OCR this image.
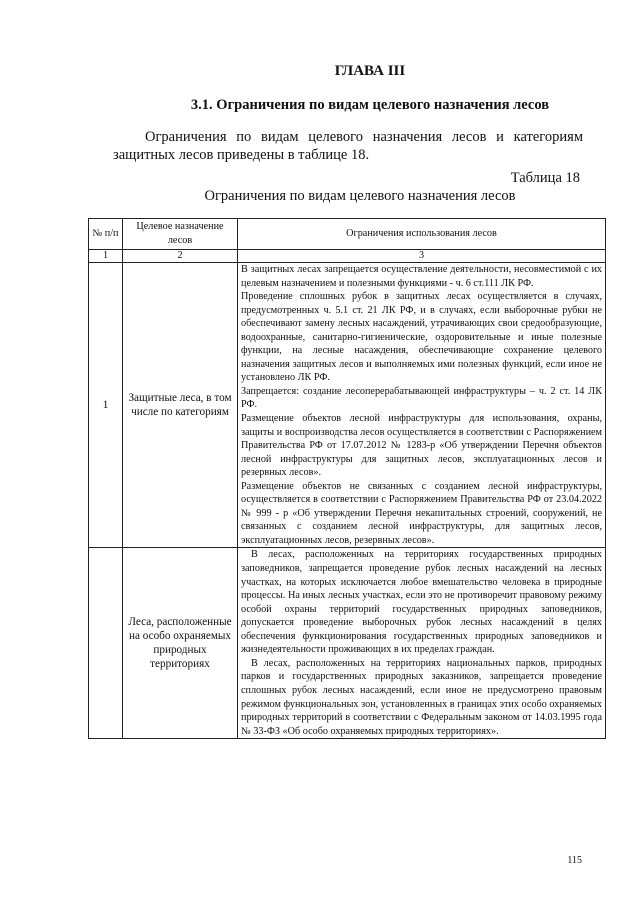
ГЛАВА III
3.1. Ограничения по видам целевого назначения лесов

Ограничения по видам целевого назначения лесов и категориям защитных лесов приведены в таблице 18.

Таблица 18
Ограничения по видам целевого назначения лесов
№ п/п	Целевое назначение лесов	Ограничения использования лесов
1	2	3
1	Защитные леса, в том числе по категориям	В защитных лесах запрещается осуществление деятельности, несовместимой с их целевым назначением и полезными функциями - ч. 6 ст.111 ЛК РФ.

Проведение сплошных рубок в защитных лесах осуществляется в случаях, предусмотренных ч. 5.1 ст. 21 ЛК РФ, и в случаях, если выборочные рубки не обеспечивают замену лесных насаждений, утрачивающих свои средообразующие, водоохранные, санитарно-гигиенические, оздоровительные и иные полезные функции, на лесные насаждения, обеспечивающие сохранение целевого назначения защитных лесов и выполняемых ими полезных функций, если иное не установлено ЛК РФ.

Запрещается: создание лесоперерабатывающей инфраструктуры – ч. 2 ст. 14 ЛК РФ.

Размещение объектов лесной инфраструктуры для использования, охраны, защиты и воспроизводства лесов осуществляется в соответствии с Распоряжением Правительства РФ от 17.07.2012 № 1283-р «Об утверждении Перечня объектов лесной инфраструктуры для защитных лесов, эксплуатационных лесов и резервных лесов».

Размещение объектов не связанных с созданием лесной инфраструктуры, осуществляется в соответствии с Распоряжением Правительства РФ от 23.04.2022 № 999 - р «Об утверждении Перечня некапитальных строений, сооружений, не связанных с созданием лесной инфраструктуры, для защитных лесов, эксплуатационных лесов, резервных лесов».

	Леса, расположенные на особо охраняемых природных территориях	В лесах, расположенных на территориях государственных природных заповедников, запрещается проведение рубок лесных насаждений на лесных участках, на которых исключается любое вмешательство человека в природные процессы. На иных лесных участках, если это не противоречит правовому режиму особой охраны территорий государственных природных заповедников, допускается проведение выборочных рубок лесных насаждений в целях обеспечения функционирования государственных природных заповедников и жизнедеятельности проживающих в их пределах граждан.

В лесах, расположенных на территориях национальных парков, природных парков и государственных природных заказников, запрещается проведение сплошных рубок лесных насаждений, если иное не предусмотрено правовым режимом функциональных зон, установленных в границах этих особо охраняемых природных территорий в соответствии с Федеральным законом от 14.03.1995 года № 33-ФЗ «Об особо охраняемых природных территориях».

115
